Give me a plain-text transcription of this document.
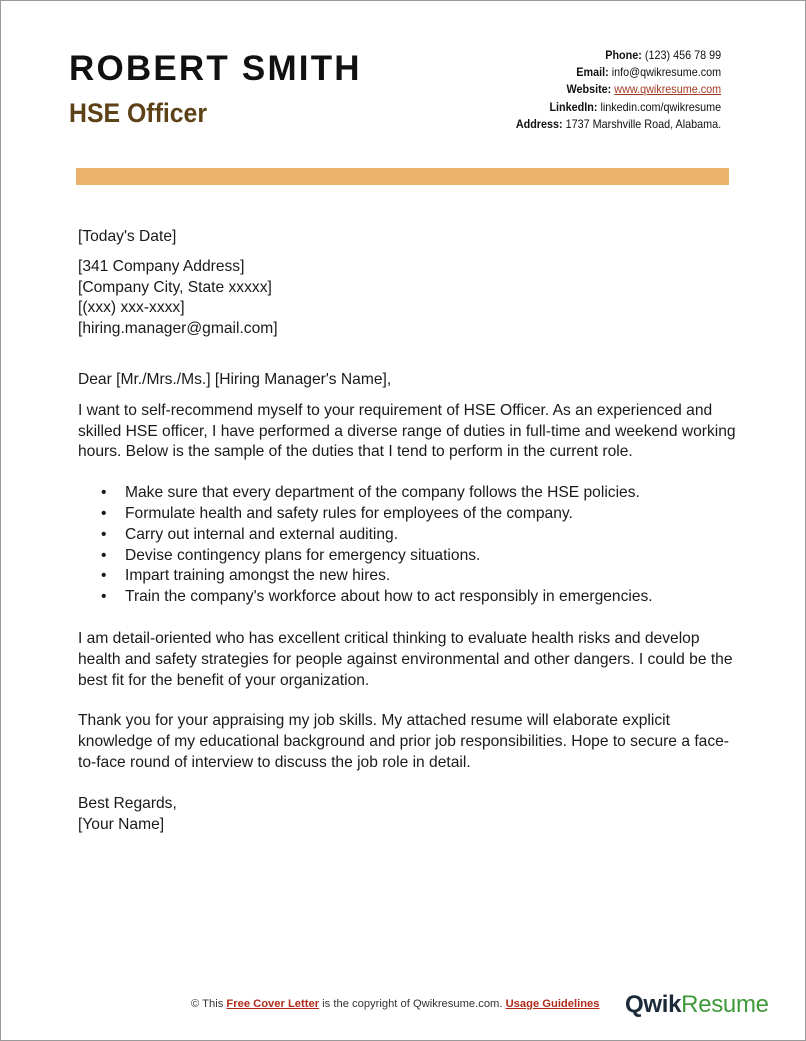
ROBERT SMITH
HSE Officer
Phone: (123) 456 78 99
Email: info@qwikresume.com
Website: www.qwikresume.com
LinkedIn: linkedin.com/qwikresume
Address: 1737 Marshville Road, Alabama.

[Today's Date]

[341 Company Address]
[Company City, State xxxxx]
[(xxx) xxx-xxxx]
[hiring.manager@gmail.com]

Dear [Mr./Mrs./Ms.] [Hiring Manager's Name],

I want to self-recommend myself to your requirement of HSE Officer. As an experienced and skilled HSE officer, I have performed a diverse range of duties in full-time and weekend working hours. Below is the sample of the duties that I tend to perform in the current role.

• Make sure that every department of the company follows the HSE policies.
• Formulate health and safety rules for employees of the company.
• Carry out internal and external auditing.
• Devise contingency plans for emergency situations.
• Impart training amongst the new hires.
• Train the company's workforce about how to act responsibly in emergencies.

I am detail-oriented who has excellent critical thinking to evaluate health risks and develop health and safety strategies for people against environmental and other dangers. I could be the best fit for the benefit of your organization.

Thank you for your appraising my job skills. My attached resume will elaborate explicit knowledge of my educational background and prior job responsibilities. Hope to secure a face-to-face round of interview to discuss the job role in detail.

Best Regards,

[Your Name]

© This Free Cover Letter is the copyright of Qwikresume.com. Usage Guidelines QwikResume
